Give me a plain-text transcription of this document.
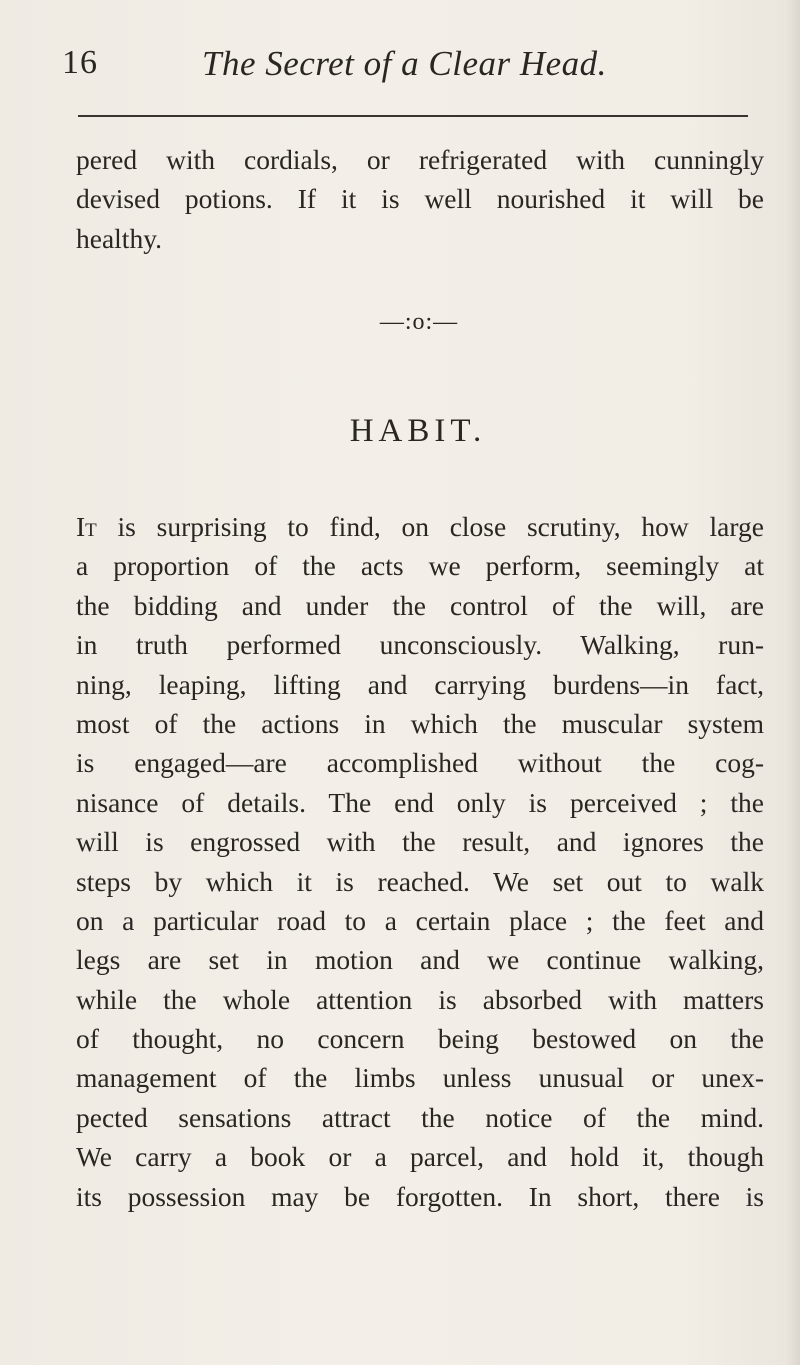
16	The Secret of a Clear Head.
pered with cordials, or refrigerated with cunningly
devised potions. If it is well nourished it will be
healthy.
—:o:—
HABIT.
It is surprising to find, on close scrutiny, how large
a proportion of the acts we perform, seemingly at
the bidding and under the control of the will, are
in truth performed unconsciously. Walking, run-
ning, leaping, lifting and carrying burdens—in fact,
most of the actions in which the muscular system
is engaged—are accomplished without the cog-
nisance of details. The end only is perceived ; the
will is engrossed with the result, and ignores the
steps by which it is reached. We set out to walk
on a particular road to a certain place ; the feet and
legs are set in motion and we continue walking,
while the whole attention is absorbed with matters
of thought, no concern being bestowed on the
management of the limbs unless unusual or unex-
pected sensations attract the notice of the mind.
We carry a book or a parcel, and hold it, though
its possession may be forgotten. In short, there is
